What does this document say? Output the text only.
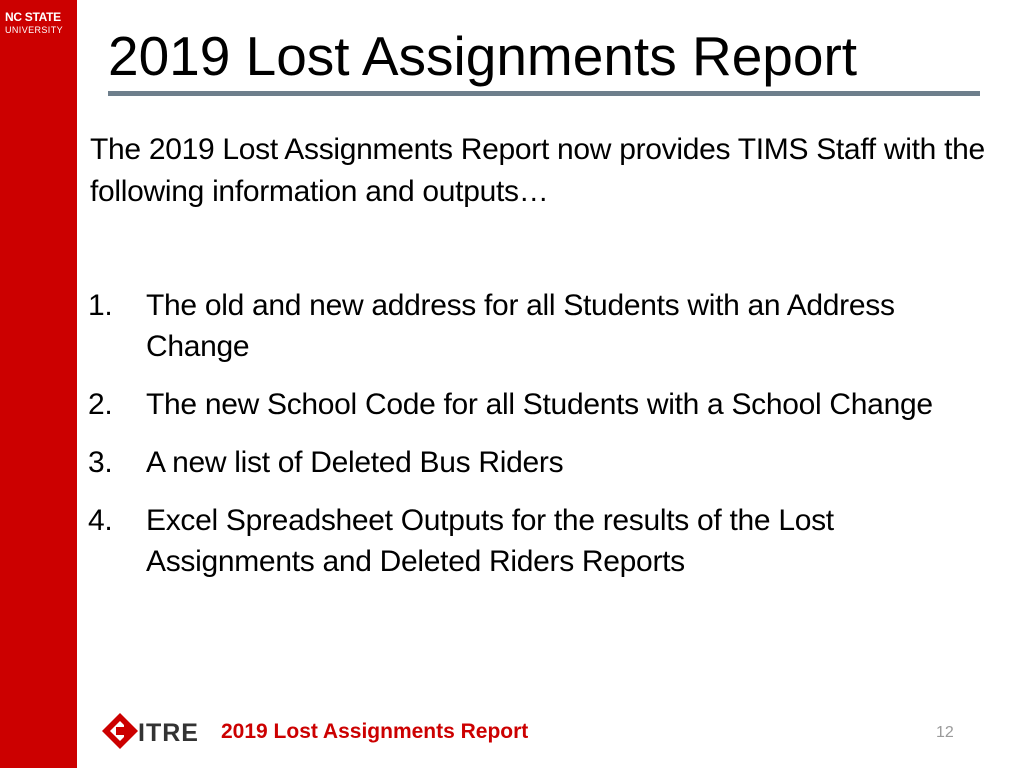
NC STATE
UNIVERSITY 2019 Lost Assignments Report

The 2019 Lost Assignments Report now provides TIMS Staff with the following information and outputs…

1.	The old and new address for all Students with an Address Change
2.	The new School Code for all Students with a School Change
3.	A new list of Deleted Bus Riders
4.	Excel Spreadsheet Outputs for the results of the Lost Assignments and Deleted Riders Reports
ITRE 2019 Lost Assignments Report	12
